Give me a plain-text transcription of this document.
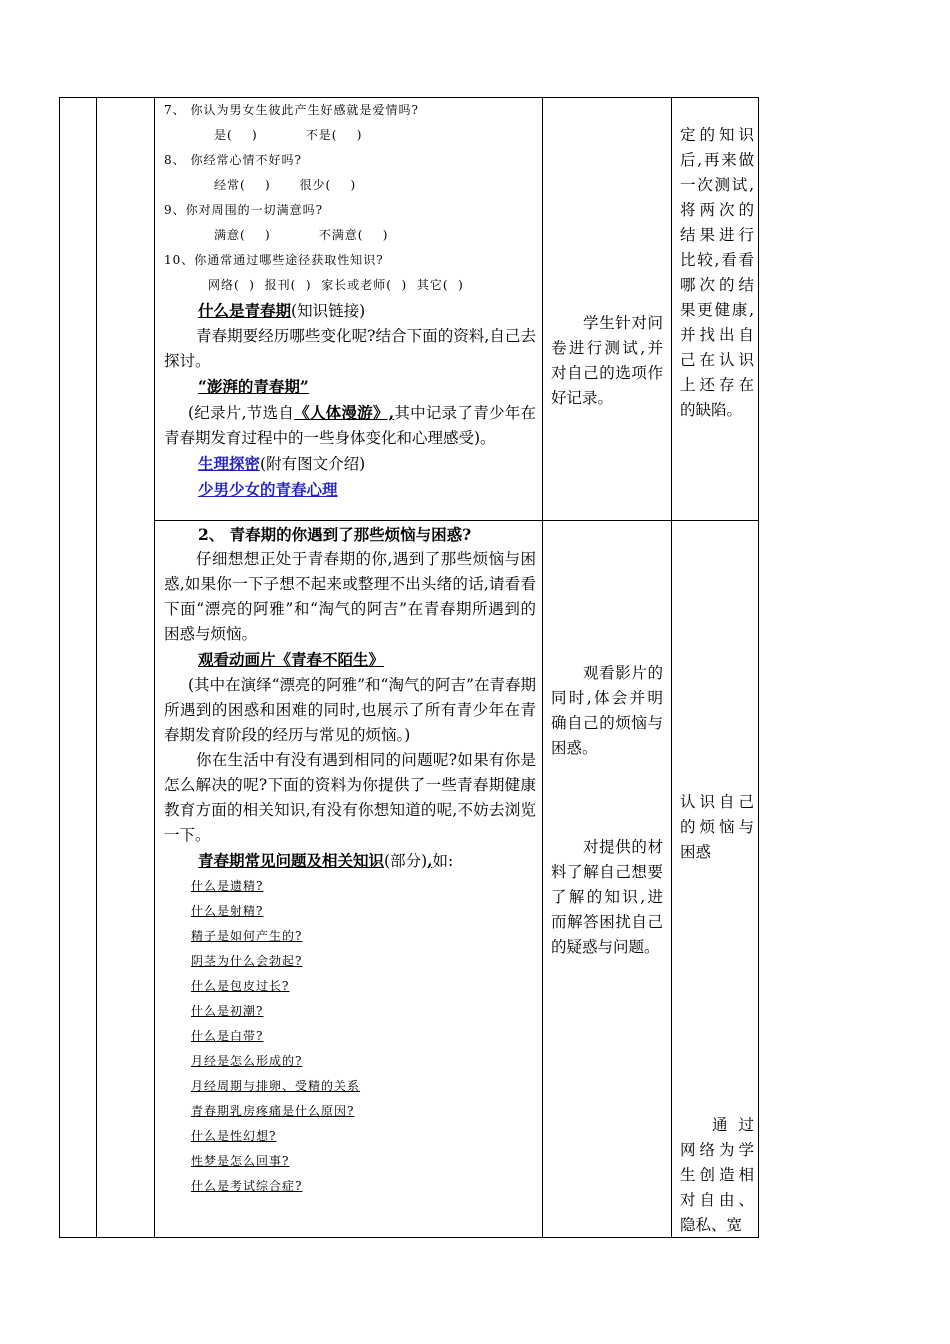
7、 你认为男女生彼此产生好感就是爱情吗?

是(    )          不是(    )

8、 你经常心情不好吗?

经常(    )      很少(    )

9、你对周围的一切满意吗?

满意(    )          不满意(    )

10、你通常通过哪些途径获取性知识?

网络(  )  报刊(  )  家长或老师(  )  其它(  )

什么是青春期(知识链接)

青春期要经历哪些变化呢?结合下面的资料,自己去探讨。

“澎湃的青春期”

(纪录片,节选自《人体漫游》,其中记录了青少年在青春期发育过程中的一些身体变化和心理感受)。

生理探密(附有图文介绍)

少男少女的青春心理

学生针对问卷进行测试,并对自己的选项作好记录。
定的知识后,再来做一次测试,将两次的结果进行比较,看看哪次的结果更健康,并找出自己在认识上还存在的缺陷。

2、 青春期的你遇到了那些烦恼与困惑?

仔细想想正处于青春期的你,遇到了那些烦恼与困惑,如果你一下子想不起来或整理不出头绪的话,请看看下面“漂亮的阿雅”和“淘气的阿吉”在青春期所遇到的困惑与烦恼。

观看动画片《青春不陌生》

(其中在演绎“漂亮的阿雅”和“淘气的阿吉”在青春期所遇到的困惑和困难的同时,也展示了所有青少年在青春期发育阶段的经历与常见的烦恼。)

你在生活中有没有遇到相同的问题呢?如果有你是怎么解决的呢?下面的资料为你提供了一些青春期健康教育方面的相关知识,有没有你想知道的呢,不妨去浏览一下。

青春期常见问题及相关知识(部分),如:

什么是遗精?

什么是射精?

精子是如何产生的?

阴茎为什么会勃起?

什么是包皮过长?

什么是初潮?

什么是白带?

月经是怎么形成的?

月经周期与排卵、受精的关系

青春期乳房疼痛是什么原因?

什么是性幻想?

性梦是怎么回事?

什么是考试综合症?

观看影片的同时,体会并明确自己的烦恼与困惑。
对提供的材料了解自己想要了解的知识,进而解答困扰自己的疑惑与问题。
认识自己的烦恼与困惑
通过网络为学生创造相对自由、隐私、宽
